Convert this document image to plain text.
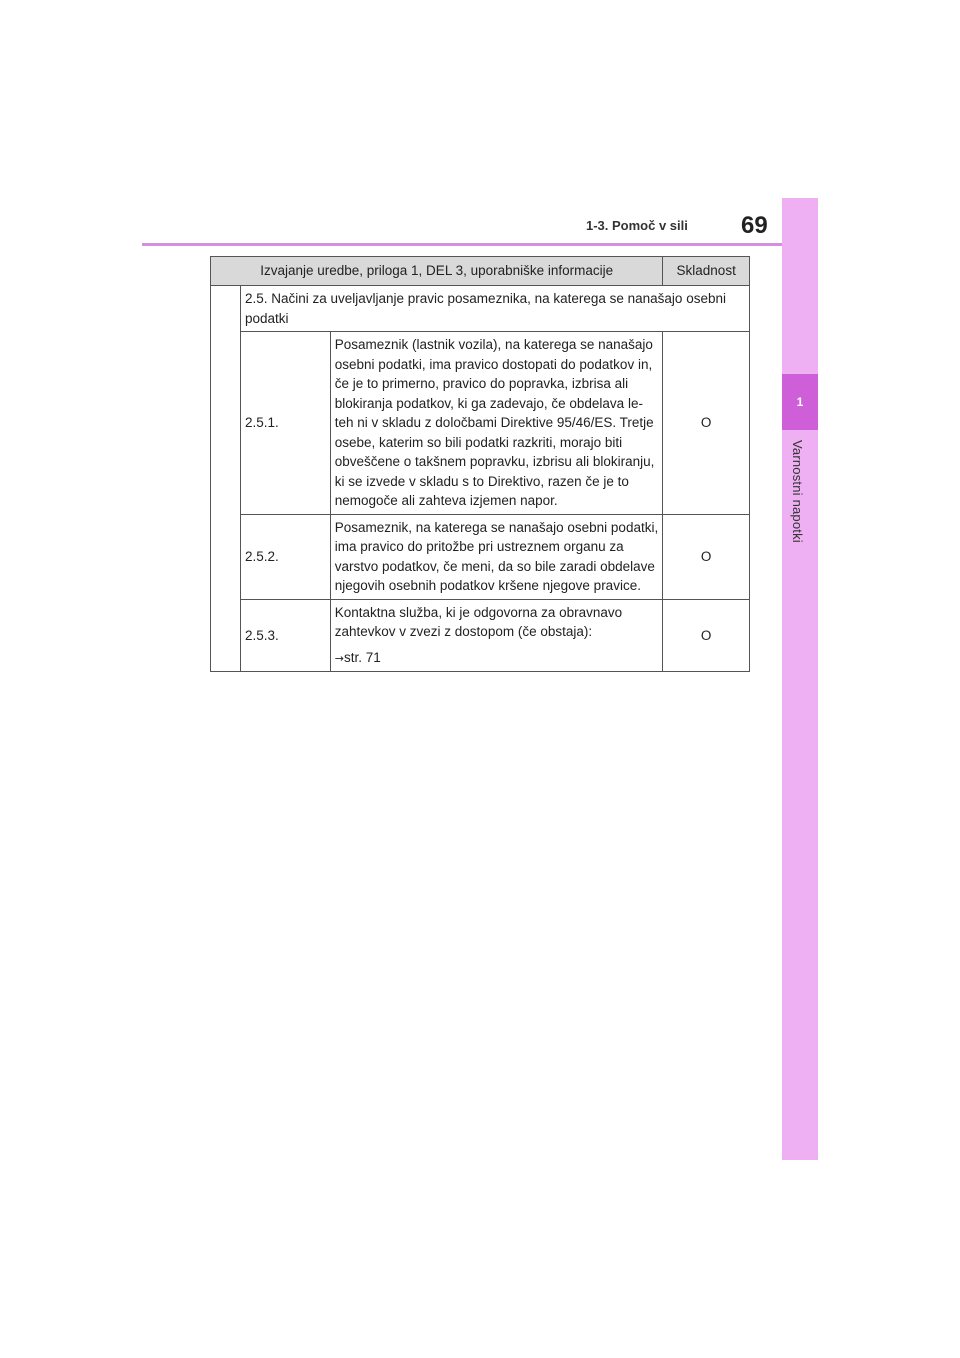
1
Varnostni napotki
1-3. Pomoč v sili 69
Izvajanje uredbe, priloga 1, DEL 3, uporabniške informacije			Skladnost
	2.5. Načini za uveljavljanje pravic posameznika, na katerega se nanašajo osebni podatki		
	2.5.1.	Posameznik (lastnik vozila), na katerega se nanašajo osebni podatki, ima pravico dostopati do podatkov in, če je to primerno, pravico do popravka, izbrisa ali blokiranja podatkov, ki ga zadevajo, če obdelava le-teh ni v skladu z določbami Direktive 95/46/ES. Tretje osebe, katerim so bili podatki razkriti, morajo biti obveščene o takšnem popravku, izbrisu ali blokiranju, ki se izvede v skladu s to Direktivo, razen če je to nemogoče ali zahteva izjemen napor.	O
	2.5.2.	Posameznik, na katerega se nanašajo osebni podatki, ima pravico do pritožbe pri ustreznem organu za varstvo podatkov, če meni, da so bile zaradi obdelave njegovih osebnih podatkov kršene njegove pravice.	O
	2.5.3.	Kontaktna služba, ki je odgovorna za obravnavo zahtevkov v zvezi z dostopom (če obstaja):
→str. 71	O
